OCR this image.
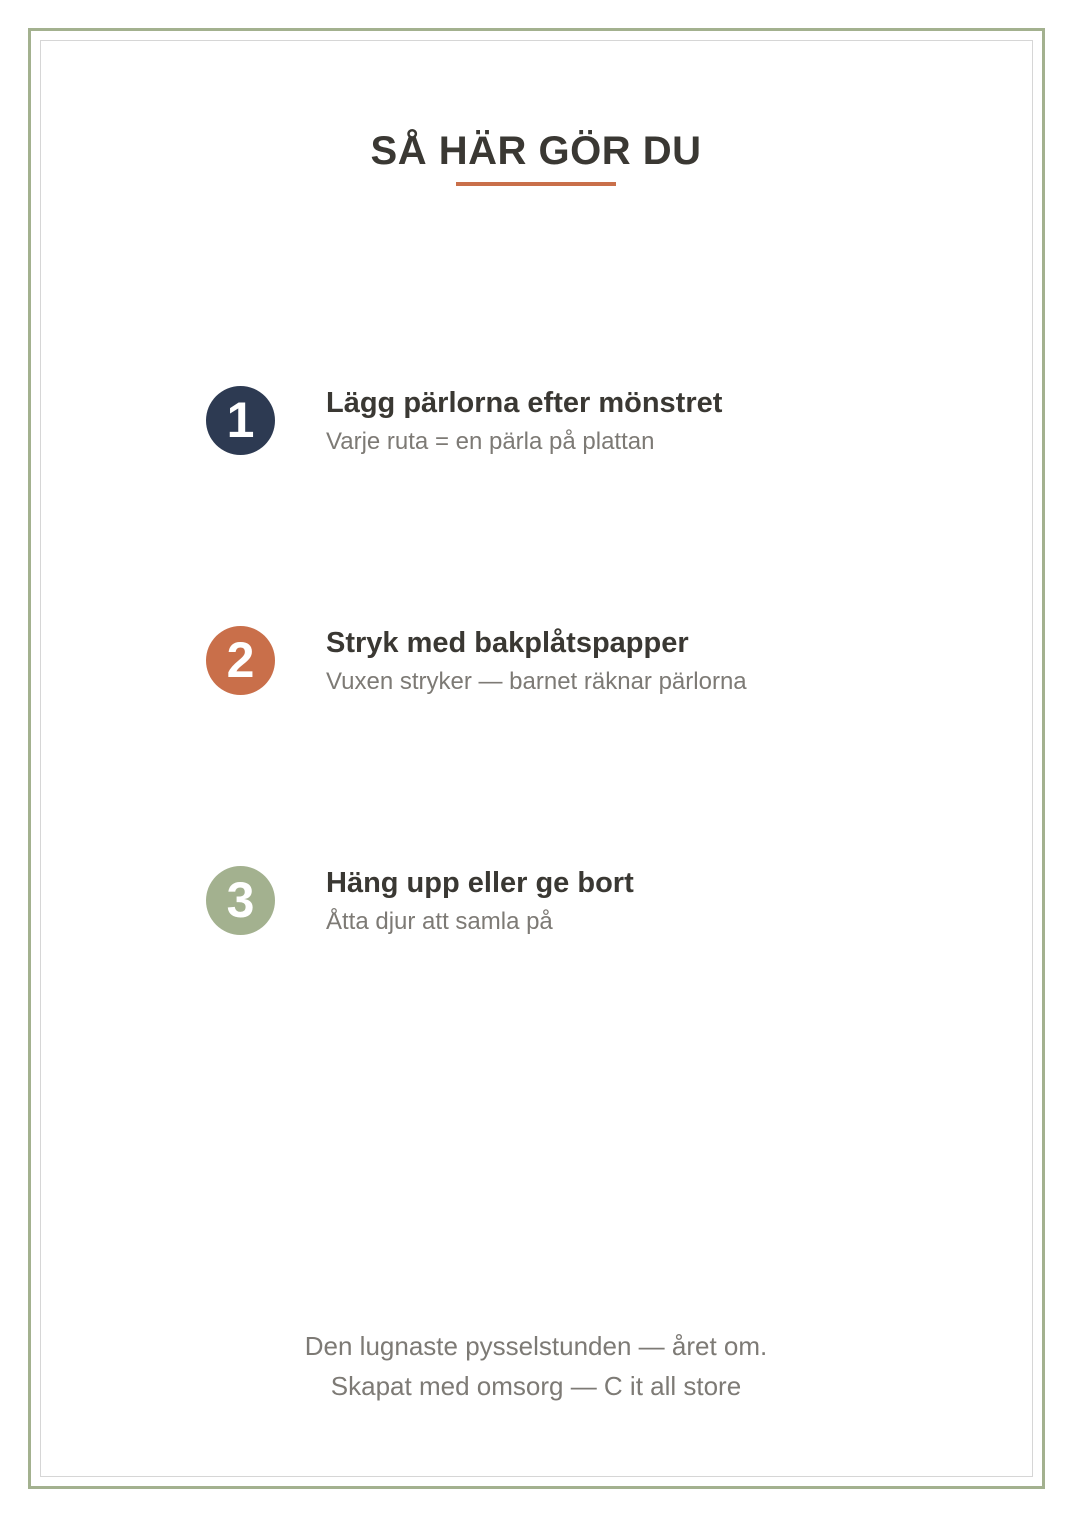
SÅ HÄR GÖR DU
1	Lägg pärlorna efter mönstret
Varje ruta = en pärla på plattan
2	Stryk med bakplåtspapper
Vuxen stryker — barnet räknar pärlorna
3	Häng upp eller ge bort
Åtta djur att samla på
Den lugnaste pysselstunden — året om.
Skapat med omsorg — C it all store
